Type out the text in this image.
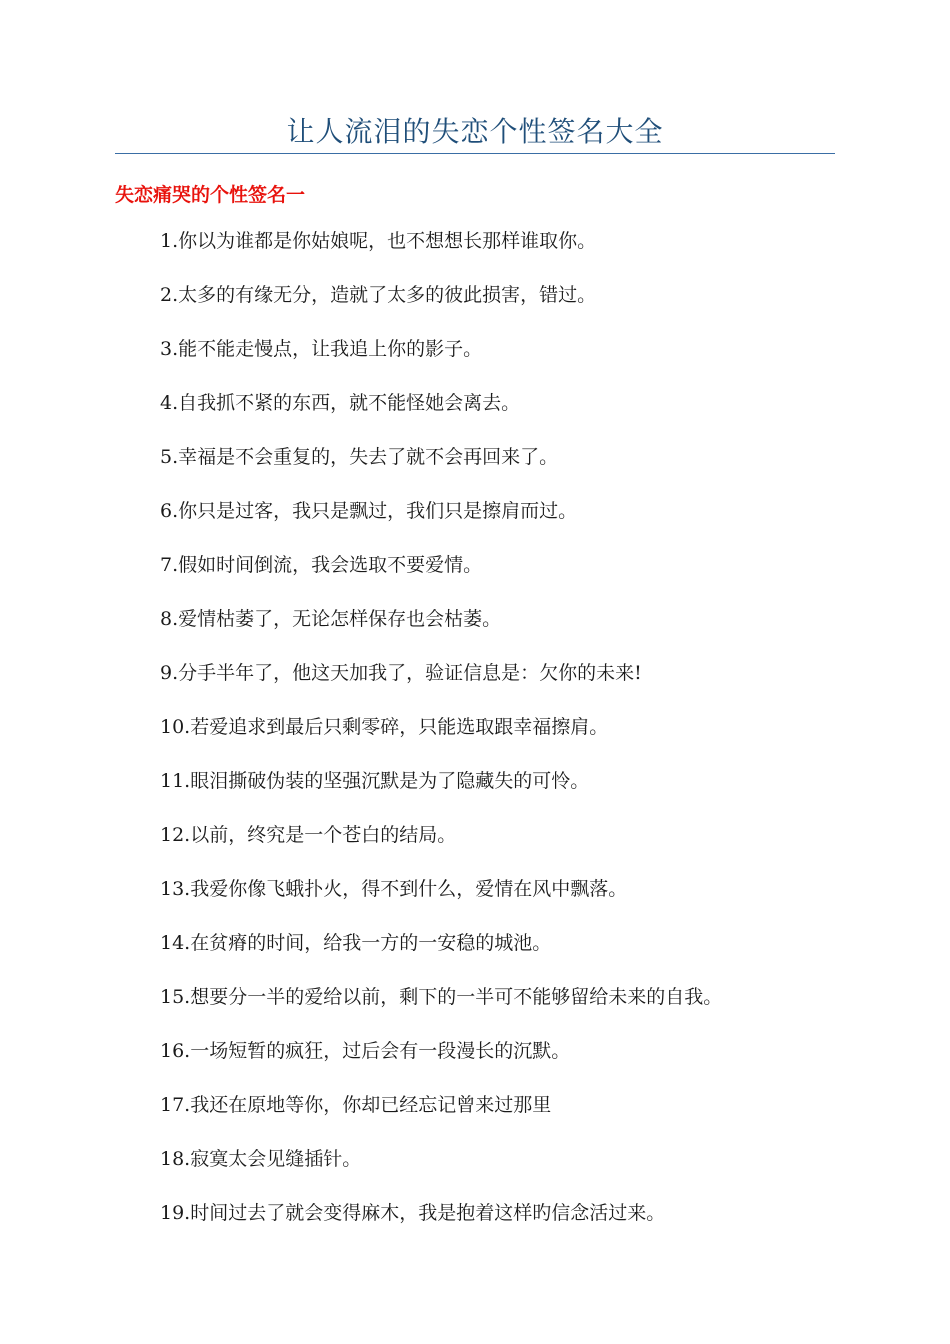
让人流泪的失恋个性签名大全
失恋痛哭的个性签名一
1.你以为谁都是你姑娘呢，也不想想长那样谁取你。
2.太多的有缘无分，造就了太多的彼此损害，错过。
3.能不能走慢点，让我追上你的影子。
4.自我抓不紧的东西，就不能怪她会离去。
5.幸福是不会重复的，失去了就不会再回来了。
6.你只是过客，我只是飘过，我们只是擦肩而过。
7.假如时间倒流，我会选取不要爱情。
8.爱情枯萎了，无论怎样保存也会枯萎。
9.分手半年了，他这天加我了，验证信息是：欠你的未来!
10.若爱追求到最后只剩零碎，只能选取跟幸福擦肩。
11.眼泪撕破伪装的坚强沉默是为了隐藏失的可怜。
12.以前，终究是一个苍白的结局。
13.我爱你像飞蛾扑火，得不到什么，爱情在风中飘落。
14.在贫瘠的时间，给我一方的一安稳的城池。
15.想要分一半的爱给以前，剩下的一半可不能够留给未来的自我。
16.一场短暂的疯狂，过后会有一段漫长的沉默。
17.我还在原地等你，你却已经忘记曾来过那里
18.寂寞太会见缝插针。
19.时间过去了就会变得麻木，我是抱着这样旳信念活过来。
